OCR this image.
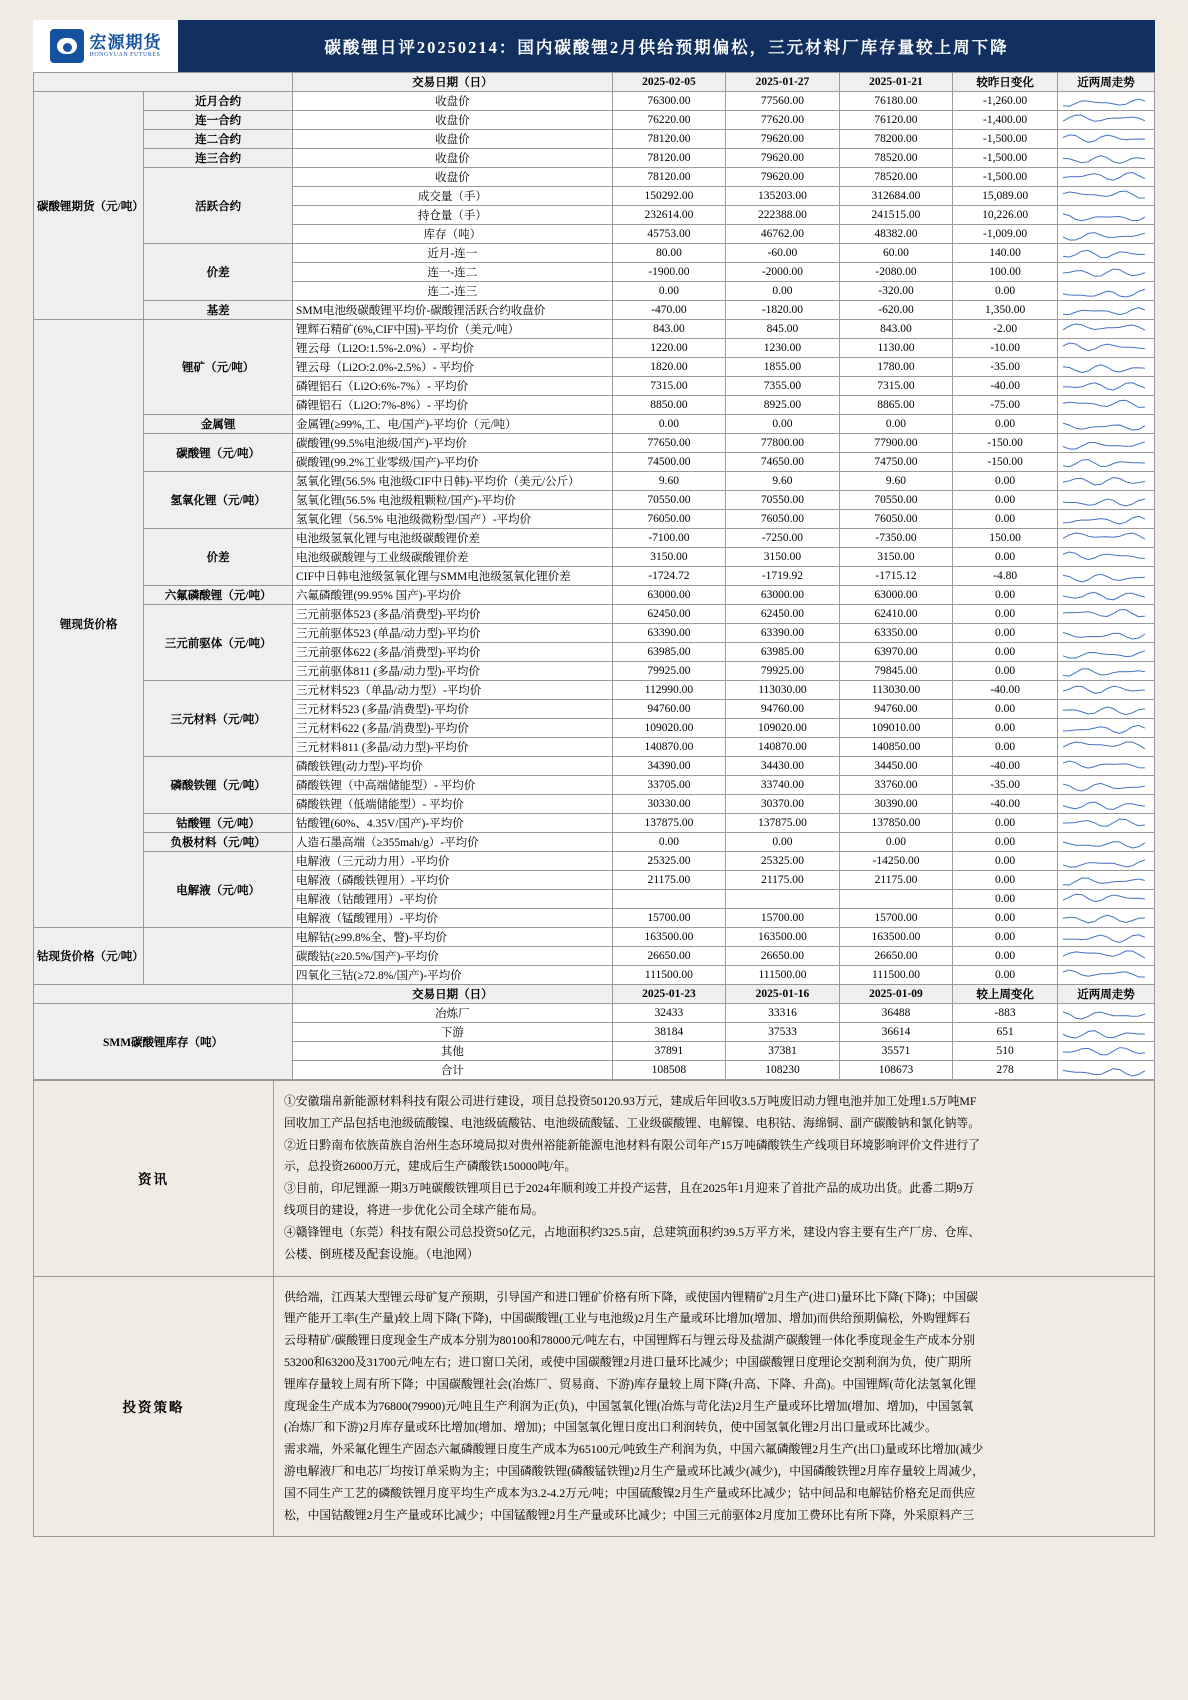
宏源期货
HONGYUAN FUTURES	碳酸锂日评20250214：国内碳酸锂2月供给预期偏松，三元材料厂库存量较上周下降
		交易日期（日）	2025-02-05	2025-01-27	2025-01-21	较昨日变化	近两周走势
碳酸锂期货（元/吨）	近月合约	收盘价	76300.00	77560.00	76180.00	-1,260.00	

	连一合约	收盘价	76220.00	77620.00	76120.00	-1,400.00	

	连二合约	收盘价	78120.00	79620.00	78200.00	-1,500.00	

	连三合约	收盘价	78120.00	79620.00	78520.00	-1,500.00	

	活跃合约	收盘价	78120.00	79620.00	78520.00	-1,500.00	

		成交量（手）	150292.00	135203.00	312684.00	15,089.00	

		持仓量（手）	232614.00	222388.00	241515.00	10,226.00	

		库存（吨）	45753.00	46762.00	48382.00	-1,009.00	

	价差	近月-连一	80.00	-60.00	60.00	140.00	

		连一-连二	-1900.00	-2000.00	-2080.00	100.00	

		连二-连三	0.00	0.00	-320.00	0.00	

	基差	SMM电池级碳酸锂平均价-碳酸锂活跃合约收盘价	-470.00	-1820.00	-620.00	1,350.00	

锂现货价格	锂矿（元/吨）	锂辉石精矿(6%,CIF中国)-平均价（美元/吨）	843.00	845.00	843.00	-2.00	

		锂云母（Li2O:1.5%-2.0%）- 平均价	1220.00	1230.00	1130.00	-10.00	

		锂云母（Li2O:2.0%-2.5%）- 平均价	1820.00	1855.00	1780.00	-35.00	

		磷锂铝石（Li2O:6%-7%）- 平均价	7315.00	7355.00	7315.00	-40.00	

		磷锂铝石（Li2O:7%-8%）- 平均价	8850.00	8925.00	8865.00	-75.00	

	金属锂	金属锂(≥99%,工、电/国产)-平均价（元/吨）	0.00	0.00	0.00	0.00	

	碳酸锂（元/吨）	碳酸锂(99.5%电池级/国产)-平均价	77650.00	77800.00	77900.00	-150.00	

		碳酸锂(99.2%工业零级/国产)-平均价	74500.00	74650.00	74750.00	-150.00	

	氢氧化锂（元/吨）	氢氧化锂(56.5% 电池级CIF中日韩)-平均价（美元/公斤）	9.60	9.60	9.60	0.00	

		氢氧化锂(56.5% 电池级粗颗粒/国产)-平均价	70550.00	70550.00	70550.00	0.00	

		氢氧化锂（56.5% 电池级微粉型/国产）-平均价	76050.00	76050.00	76050.00	0.00	

	价差	电池级氢氧化锂与电池级碳酸锂价差	-7100.00	-7250.00	-7350.00	150.00	

		电池级碳酸锂与工业级碳酸锂价差	3150.00	3150.00	3150.00	0.00	

		CIF中日韩电池级氢氧化锂与SMM电池级氢氧化锂价差	-1724.72	-1719.92	-1715.12	-4.80	

	六氟磷酸锂（元/吨）	六氟磷酸锂(99.95% 国产)-平均价	63000.00	63000.00	63000.00	0.00	

	三元前驱体（元/吨）	三元前驱体523 (多晶/消费型)-平均价	62450.00	62450.00	62410.00	0.00	

		三元前驱体523 (单晶/动力型)-平均价	63390.00	63390.00	63350.00	0.00	

		三元前驱体622 (多晶/消费型)-平均价	63985.00	63985.00	63970.00	0.00	

		三元前驱体811 (多晶/动力型)-平均价	79925.00	79925.00	79845.00	0.00	

	三元材料（元/吨）	三元材料523（单晶/动力型）-平均价	112990.00	113030.00	113030.00	-40.00	

		三元材料523 (多晶/消费型)-平均价	94760.00	94760.00	94760.00	0.00	

		三元材料622 (多晶/消费型)-平均价	109020.00	109020.00	109010.00	0.00	

		三元材料811 (多晶/动力型)-平均价	140870.00	140870.00	140850.00	0.00	

	磷酸铁锂（元/吨）	磷酸铁锂(动力型)-平均价	34390.00	34430.00	34450.00	-40.00	

		磷酸铁锂（中高端储能型）- 平均价	33705.00	33740.00	33760.00	-35.00	

		磷酸铁锂（低端储能型）- 平均价	30330.00	30370.00	30390.00	-40.00	

	钴酸锂（元/吨）	钴酸锂(60%、4.35V/国产)-平均价	137875.00	137875.00	137850.00	0.00	

	负极材料（元/吨）	人造石墨高端（≥355mah/g）-平均价	0.00	0.00	0.00	0.00	

	电解液（元/吨）	电解液（三元动力用）-平均价	25325.00	25325.00	-14250.00	0.00	

		电解液（磷酸铁锂用）-平均价	21175.00	21175.00	21175.00	0.00	

		电解液（钴酸锂用）-平均价				0.00	

		电解液（锰酸锂用）-平均价	15700.00	15700.00	15700.00	0.00	

钴现货价格（元/吨）		电解钴(≥99.8%全、瞥)-平均价	163500.00	163500.00	163500.00	0.00	

		碳酸钴(≥20.5%/国产)-平均价	26650.00	26650.00	26650.00	0.00	

		四氧化三钴(≥72.8%/国产)-平均价	111500.00	111500.00	111500.00	0.00	

		交易日期（日）	2025-01-23	2025-01-16	2025-01-09	较上周变化	近两周走势
SMM碳酸锂库存（吨）		冶炼厂	32433	33316	36488	-883	

		下游	38184	37533	36614	651	

		其他	37891	37381	35571	510	

		合计	108508	108230	108673	278	
资讯	

①安徽瑞帛新能源材料科技有限公司进行建设，项目总投资50120.93万元，建成后年回收3.5万吨废旧动力锂电池并加工处理1.5万吨MF

回收加工产品包括电池级硫酸镍、电池级硫酸钴、电池级硫酸锰、工业级碳酸锂、电解镍、电积钴、海绵铜、副产碳酸钠和氯化钠等。

②近日黔南布依族苗族自治州生态环境局拟对贵州裕能新能源电池材料有限公司年产15万吨磷酸铁生产线项目环境影响评价文件进行了

示，总投资26000万元，建成后生产磷酸铁150000吨/年。

③目前，印尼锂源一期3万吨碳酸铁锂项目已于2024年顺利竣工并投产运营，且在2025年1月迎来了首批产品的成功出货。此番二期9万

线项目的建设，将进一步优化公司全球产能布局。

④赣锋锂电（东莞）科技有限公司总投资50亿元，占地面积约325.5亩，总建筑面积约39.5万平方米，建设内容主要有生产厂房、仓库、

公楼、倒班楼及配套设施。（电池网）

投资策略	

供给端，江西某大型锂云母矿复产预期，引导国产和进口锂矿价格有所下降，或使国内锂精矿2月生产(进口)量环比下降(下降)；中国碳

锂产能开工率(生产量)较上周下降(下降)，中国碳酸锂(工业与电池级)2月生产量或环比增加(增加、增加)而供给预期偏松，外购锂辉石

云母精矿/碳酸锂日度现金生产成本分别为80100和78000元/吨左右，中国锂辉石与锂云母及盐湖产碳酸锂一体化季度现金生产成本分别

53200和63200及31700元/吨左右；进口窗口关闭，或使中国碳酸锂2月进口量环比减少；中国碳酸锂日度理论交割利润为负，使广期所

锂库存量较上周有所下降；中国碳酸锂社会(冶炼厂、贸易商、下游)库存量较上周下降(升高、下降、升高)。中国锂辉(苛化法氢氧化锂

度现金生产成本为76800(79900)元/吨且生产利润为正(负)，中国氢氧化锂(冶炼与苛化法)2月生产量或环比增加(增加、增加)，中国氢氧

(冶炼厂和下游)2月库存量或环比增加(增加、增加)；中国氢氧化锂日度出口利润转负，使中国氢氧化锂2月出口量或环比减少。

需求端，外采氟化锂生产固态六氟磷酸锂日度生产成本为65100元/吨致生产利润为负，中国六氟磷酸锂2月生产(出口)量或环比增加(减少

游电解液厂和电芯厂均按订单采购为主；中国磷酸铁锂(磷酸锰铁锂)2月生产量或环比减少(减少)，中国磷酸铁锂2月库存量较上周减少，

国不同生产工艺的磷酸铁锂月度平均生产成本为3.2-4.2万元/吨；中国硫酸镍2月生产量或环比减少；钴中间品和电解钴价格充足而供应

松，中国钴酸锂2月生产量或环比减少；中国锰酸锂2月生产量或环比减少；中国三元前驱体2月度加工费环比有所下降，外采原料产三
